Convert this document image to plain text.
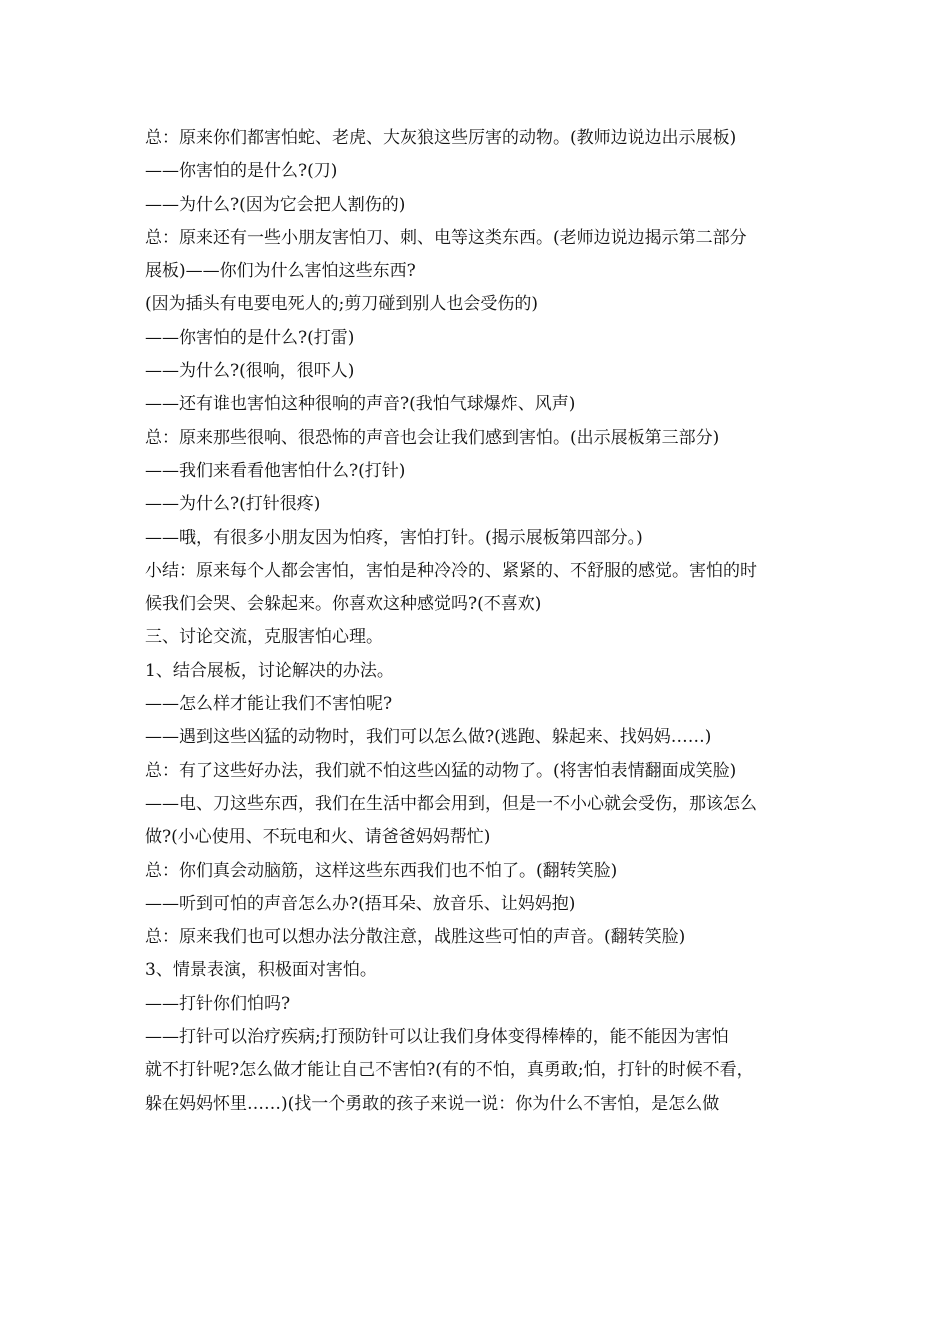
总：原来你们都害怕蛇、老虎、大灰狼这些厉害的动物。(教师边说边出示展板)
——你害怕的是什么?(刀)
——为什么?(因为它会把人割伤的)
总：原来还有一些小朋友害怕刀、刺、电等这类东西。(老师边说边揭示第二部分
展板)——你们为什么害怕这些东西?
(因为插头有电要电死人的;剪刀碰到别人也会受伤的)
——你害怕的是什么?(打雷)
——为什么?(很响，很吓人)
——还有谁也害怕这种很响的声音?(我怕气球爆炸、风声)
总：原来那些很响、很恐怖的声音也会让我们感到害怕。(出示展板第三部分)
——我们来看看他害怕什么?(打针)
——为什么?(打针很疼)
——哦，有很多小朋友因为怕疼，害怕打针。(揭示展板第四部分。)
小结：原来每个人都会害怕，害怕是种冷冷的、紧紧的、不舒服的感觉。害怕的时
候我们会哭、会躲起来。你喜欢这种感觉吗?(不喜欢)
三、讨论交流，克服害怕心理。
1、结合展板，讨论解决的办法。
——怎么样才能让我们不害怕呢?
——遇到这些凶猛的动物时，我们可以怎么做?(逃跑、躲起来、找妈妈……)
总：有了这些好办法，我们就不怕这些凶猛的动物了。(将害怕表情翻面成笑脸)
——电、刀这些东西，我们在生活中都会用到，但是一不小心就会受伤，那该怎么
做?(小心使用、不玩电和火、请爸爸妈妈帮忙)
总：你们真会动脑筋，这样这些东西我们也不怕了。(翻转笑脸)
——听到可怕的声音怎么办?(捂耳朵、放音乐、让妈妈抱)
总：原来我们也可以想办法分散注意，战胜这些可怕的声音。(翻转笑脸)
3、情景表演，积极面对害怕。
——打针你们怕吗?
——打针可以治疗疾病;打预防针可以让我们身体变得棒棒的，能不能因为害怕
就不打针呢?怎么做才能让自己不害怕?(有的不怕，真勇敢;怕，打针的时候不看，
躲在妈妈怀里……)(找一个勇敢的孩子来说一说：你为什么不害怕，是怎么做
